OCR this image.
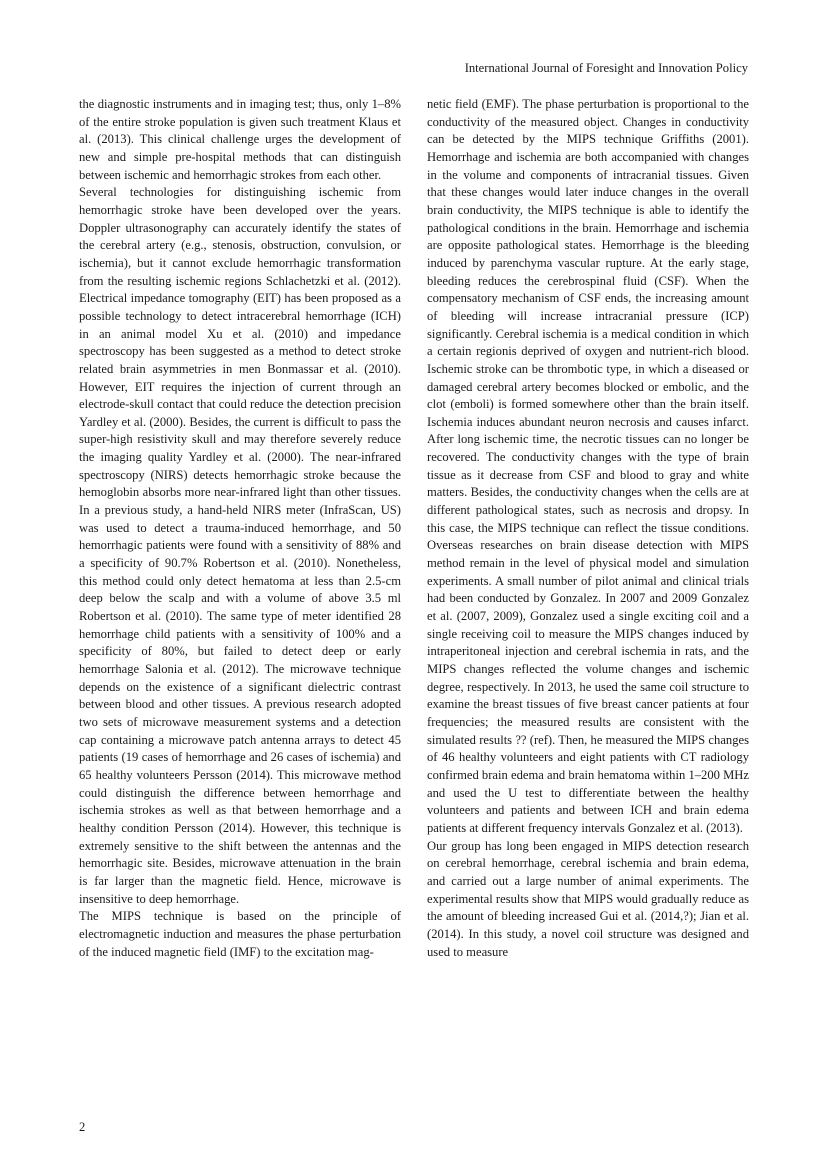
International Journal of Foresight and Innovation Policy

the diagnostic instruments and in imaging test; thus, only 1–8% of the entire stroke population is given such treatment Klaus et al. (2013). This clinical challenge urges the development of new and simple pre-hospital methods that can distinguish between ischemic and hemorrhagic strokes from each other.

Several technologies for distinguishing ischemic from hemorrhagic stroke have been developed over the years. Doppler ultrasonography can accurately identify the states of the cerebral artery (e.g., stenosis, obstruction, convulsion, or ischemia), but it cannot exclude hemorrhagic transformation from the resulting ischemic regions Schlachetzki et al. (2012). Electrical impedance tomography (EIT) has been proposed as a possible technology to detect intracerebral hemorrhage (ICH) in an animal model Xu et al. (2010) and impedance spectroscopy has been suggested as a method to detect stroke related brain asymmetries in men Bonmassar et al. (2010). However, EIT requires the injection of current through an electrode-skull contact that could reduce the detection precision Yardley et al. (2000). Besides, the current is difficult to pass the super-high resistivity skull and may therefore severely reduce the imaging quality Yardley et al. (2000). The near-infrared spectroscopy (NIRS) detects hemorrhagic stroke because the hemoglobin absorbs more near-infrared light than other tissues. In a previous study, a hand-held NIRS meter (InfraScan, US) was used to detect a trauma-induced hemorrhage, and 50 hemorrhagic patients were found with a sensitivity of 88% and a specificity of 90.7% Robertson et al. (2010). Nonetheless, this method could only detect hematoma at less than 2.5-cm deep below the scalp and with a volume of above 3.5 ml Robertson et al. (2010). The same type of meter identified 28 hemorrhage child patients with a sensitivity of 100% and a specificity of 80%, but failed to detect deep or early hemorrhage Salonia et al. (2012). The microwave technique depends on the existence of a significant dielectric contrast between blood and other tissues. A previous research adopted two sets of microwave measurement systems and a detection cap containing a microwave patch antenna arrays to detect 45 patients (19 cases of hemorrhage and 26 cases of ischemia) and 65 healthy volunteers Persson (2014). This microwave method could distinguish the difference between hemorrhage and ischemia strokes as well as that between hemorrhage and a healthy condition Persson (2014). However, this technique is extremely sensitive to the shift between the antennas and the hemorrhagic site. Besides, microwave attenuation in the brain is far larger than the magnetic field. Hence, microwave is insensitive to deep hemorrhage.

The MIPS technique is based on the principle of electromagnetic induction and measures the phase perturbation of the induced magnetic field (IMF) to the excitation mag-

netic field (EMF). The phase perturbation is proportional to the conductivity of the measured object. Changes in conductivity can be detected by the MIPS technique Griffiths (2001). Hemorrhage and ischemia are both accompanied with changes in the volume and components of intracranial tissues. Given that these changes would later induce changes in the overall brain conductivity, the MIPS technique is able to identify the pathological conditions in the brain. Hemorrhage and ischemia are opposite pathological states. Hemorrhage is the bleeding induced by parenchyma vascular rupture. At the early stage, bleeding reduces the cerebrospinal fluid (CSF). When the compensatory mechanism of CSF ends, the increasing amount of bleeding will increase intracranial pressure (ICP) significantly. Cerebral ischemia is a medical condition in which a certain regionis deprived of oxygen and nutrient-rich blood. Ischemic stroke can be thrombotic type, in which a diseased or damaged cerebral artery becomes blocked or embolic, and the clot (emboli) is formed somewhere other than the brain itself. Ischemia induces abundant neuron necrosis and causes infarct. After long ischemic time, the necrotic tissues can no longer be recovered. The conductivity changes with the type of brain tissue as it decrease from CSF and blood to gray and white matters. Besides, the conductivity changes when the cells are at different pathological states, such as necrosis and dropsy. In this case, the MIPS technique can reflect the tissue conditions. Overseas researches on brain disease detection with MIPS method remain in the level of physical model and simulation experiments. A small number of pilot animal and clinical trials had been conducted by Gonzalez. In 2007 and 2009 Gonzalez et al. (2007, 2009), Gonzalez used a single exciting coil and a single receiving coil to measure the MIPS changes induced by intraperitoneal injection and cerebral ischemia in rats, and the MIPS changes reflected the volume changes and ischemic degree, respectively. In 2013, he used the same coil structure to examine the breast tissues of five breast cancer patients at four frequencies; the measured results are consistent with the simulated results ?? (ref). Then, he measured the MIPS changes of 46 healthy volunteers and eight patients with CT radiology confirmed brain edema and brain hematoma within 1–200 MHz and used the U test to differentiate between the healthy volunteers and patients and between ICH and brain edema patients at different frequency intervals Gonzalez et al. (2013).

Our group has long been engaged in MIPS detection research on cerebral hemorrhage, cerebral ischemia and brain edema, and carried out a large number of animal experiments. The experimental results show that MIPS would gradually reduce as the amount of bleeding increased Gui et al. (2014,?); Jian et al. (2014). In this study, a novel coil structure was designed and used to measure

2
